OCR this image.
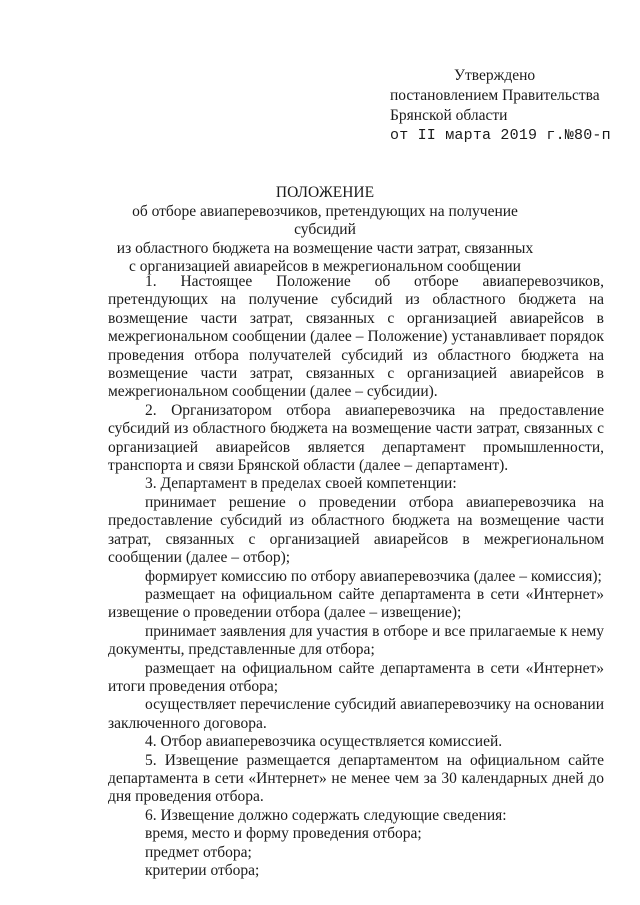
Утверждено
постановлением Правительства
Брянской области
от II марта 2019 г.№80-п
ПОЛОЖЕНИЕ
об отборе авиаперевозчиков, претендующих на получение субсидий
из областного бюджета на возмещение части затрат, связанных
с организацией авиарейсов в межрегиональном сообщении

1. Настоящее Положение об отборе авиаперевозчиков, претендующих на получение субсидий из областного бюджета на возмещение части затрат, связанных с организацией авиарейсов в межрегиональном сообщении (далее – Положение) устанавливает порядок проведения отбора получателей субсидий из областного бюджета на возмещение части затрат, связанных с организацией авиарейсов в межрегиональном сообщении (далее – субсидии).

2. Организатором отбора авиаперевозчика на предоставление субсидий из областного бюджета на возмещение части затрат, связанных с организацией авиарейсов является департамент промышленности, транспорта и связи Брянской области (далее – департамент).

3. Департамент в пределах своей компетенции:

принимает решение о проведении отбора авиаперевозчика на предоставление субсидий из областного бюджета на возмещение части затрат, связанных с организацией авиарейсов в межрегиональном сообщении (далее – отбор);

формирует комиссию по отбору авиаперевозчика (далее – комиссия);

размещает на официальном сайте департамента в сети «Интернет» извещение о проведении отбора (далее – извещение);

принимает заявления для участия в отборе и все прилагаемые к нему документы, представленные для отбора;

размещает на официальном сайте департамента в сети «Интернет» итоги проведения отбора;

осуществляет перечисление субсидий авиаперевозчику на основании заключенного договора.

4. Отбор авиаперевозчика осуществляется комиссией.

5. Извещение размещается департаментом на официальном сайте департамента в сети «Интернет» не менее чем за 30 календарных дней до дня проведения отбора.

6. Извещение должно содержать следующие сведения:

время, место и форму проведения отбора;

предмет отбора;

критерии отбора;
